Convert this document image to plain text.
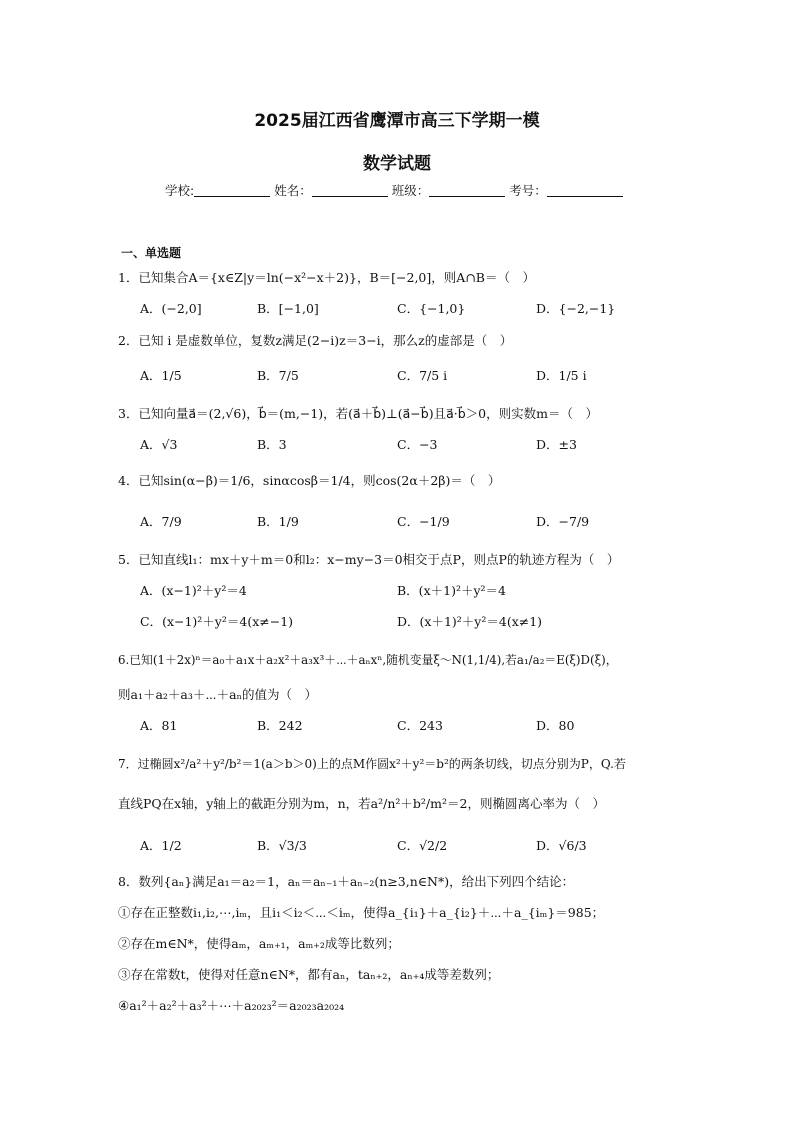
2025届江西省鹰潭市高三下学期一模
数学试题
学校:	姓名：	班级：	考号：
一、单选题
1．已知集合A＝{x∈Z|y＝ln(−x²−x＋2)}，B＝[−2,0]，则A∩B＝（　）
A．(−2,0]	B．[−1,0]	C．{−1,0}	D．{−2,−1}
2．已知 i 是虚数单位，复数z满足(2−i)z＝3−i，那么z的虚部是（　）
A．1/5	B．7/5	C．7/5 i	D．1/5 i
3．已知向量a⃗＝(2,√6)，b⃗＝(m,−1)，若(a⃗＋b⃗)⊥(a⃗−b⃗)且a⃗·b⃗＞0，则实数m＝（　）
A．√3	B．3	C．−3	D．±3
4．已知sin(α−β)＝1/6，sinαcosβ＝1/4，则cos(2α＋2β)＝（　）
A．7/9	B．1/9	C．−1/9	D．−7/9
5．已知直线l₁：mx＋y＋m＝0和l₂：x−my−3＝0相交于点P，则点P的轨迹方程为（　）
A．(x−1)²＋y²＝4	B．(x＋1)²＋y²＝4
C．(x−1)²＋y²＝4(x≠−1)	D．(x＋1)²＋y²＝4(x≠1)
6.已知(1＋2x)ⁿ＝a₀＋a₁x＋a₂x²＋a₃x³＋⋯＋aₙxⁿ,随机变量ξ～N(1,1/4),若a₁/a₂＝E(ξ)D(ξ)，
则a₁＋a₂＋a₃＋⋯＋aₙ的值为（　）
A．81	B．242	C．243	D．80
7．过椭圆x²/a²＋y²/b²＝1(a＞b＞0)上的点M作圆x²＋y²＝b²的两条切线，切点分别为P，Q.若
直线PQ在x轴，y轴上的截距分别为m，n，若a²/n²＋b²/m²＝2，则椭圆离心率为（　）
A．1/2	B．√3/3	C．√2/2	D．√6/3
8．数列{aₙ}满足a₁＝a₂＝1，aₙ＝aₙ₋₁＋aₙ₋₂(n≥3,n∈N*)，给出下列四个结论：
①存在正整数i₁,i₂,⋯,iₘ，且i₁＜i₂＜⋯＜iₘ，使得a_{i₁}＋a_{i₂}＋⋯＋a_{iₘ}＝985；
②存在m∈N*，使得aₘ，aₘ₊₁，aₘ₊₂成等比数列；
③存在常数t，使得对任意n∈N*，都有aₙ，taₙ₊₂，aₙ₊₄成等差数列；
④a₁²＋a₂²＋a₃²＋⋯＋a₂₀₂₃²＝a₂₀₂₃a₂₀₂₄
